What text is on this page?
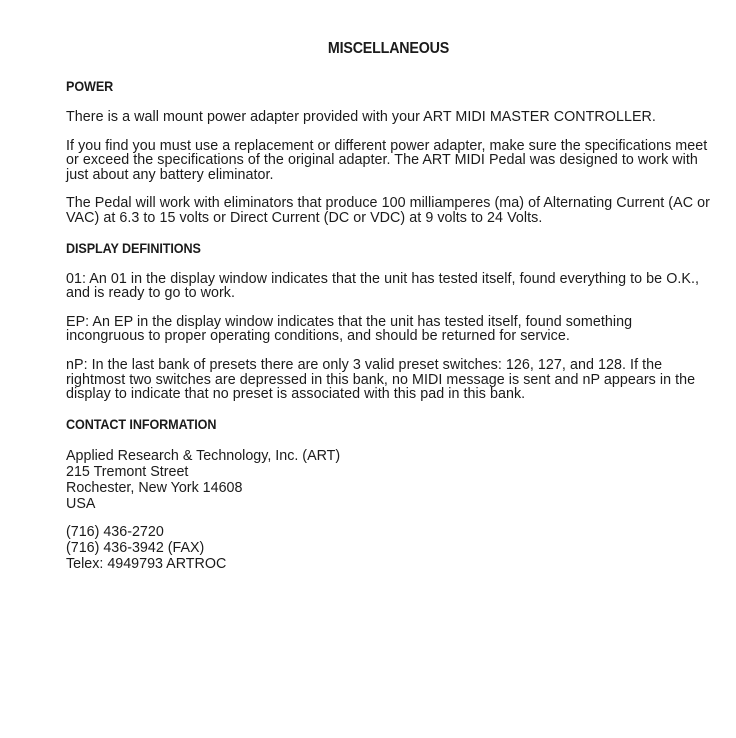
MISCELLANEOUS
POWER

There is a wall mount power adapter provided with your ART MIDI MASTER CONTROLLER.

If you find you must use a replacement or different power adapter, make sure the specifications meet or exceed the specifications of the original adapter. The ART MIDI Pedal was designed to work with just about any battery eliminator.

The Pedal will work with eliminators that produce 100 milliamperes (ma) of Alternating Current (AC or VAC) at 6.3 to 15 volts or Direct Current (DC or VDC) at 9 volts to 24 Volts.

DISPLAY DEFINITIONS

01: An 01 in the display window indicates that the unit has tested itself, found everything to be O.K., and is ready to go to work.

EP: An EP in the display window indicates that the unit has tested itself, found something incongruous to proper operating conditions, and should be returned for service.

nP: In the last bank of presets there are only 3 valid preset switches: 126, 127, and 128. If the rightmost two switches are depressed in this bank, no MIDI message is sent and nP appears in the display to indicate that no preset is associated with this pad in this bank.

CONTACT INFORMATION
Applied Research & Technology, Inc. (ART)
215 Tremont Street
Rochester, New York 14608
USA
(716) 436-2720
(716) 436-3942 (FAX)
Telex: 4949793 ARTROC
